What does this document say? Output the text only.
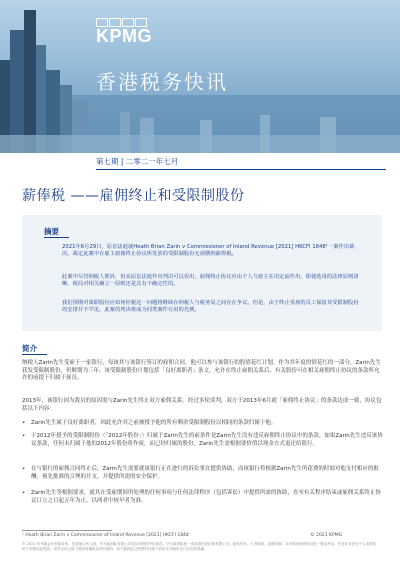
KPMG
香港税务快讯
第七期 | 二零二一年七月
薪俸税 ——雇佣终止和受限制股份
摘要
2021年6月29日，原讼法庭就Heath Brian Zarin v Commissioner of Inland Revenue [2021] HKCFI 1848¹一案作出裁决，裁定此案中在雇主雇佣终止协议所发放的受限制股份无须缴纳薪俸税。
此案中尽管纳税人胜诉，但从原讼法庭作出判决可以看出，雇佣终止协议应由个人与雇主在决定前作出，即使选用的法律原则清晰，税局对相关确立一原则还是具有不确定性的。
我们预期对离职股份应如何征税这一问题将继续在纳税人与税务局之间存在争议。但是，由于终止受雇的员工保留其受限制股份的安排并不罕见，此案的判决将成为同类案件有用的先例。
简介
纳税人Zarin先生受雇于一家银行，每该其与该银行签订的雇佣合同，他可以参与该银行的股情花红计划。作为其年度的情花红的一部分，Zarin先生获发受限制股份，但解期为三年。该受限制股份计划包括「良好离职者」条文，允许在终止雇佣关系后，有关股份可在相关雇佣终止协议的条款所允许的前提下归属于雇员。
2013年，该银行因为裁员的原因需与Zarin先生终止双方雇佣关系。经过多轮谈判，双方于2013年6月就「雇佣终止协议」的条款达成一致，协议包括以下内容：
•	Zarin先生属于良好离职者，因此允许其之前被授予他的所有剩余受限制股份以相同的条款归属于他。
•	于2012年授予的受限制股份（「2012年股份」）归属于Zarin先生的前条件是Zarin先生没有违反雇佣终止协议中的条款。如果Zarin先生违反该协议条款，任何未归属于他的2012年股份将作废，而已经归属的股份，Zarin先生需根据要价值以现金方式退还给银行。
•	在与银行的雇佣合同终止后，Zarin先生需要就该银行正在进行的诉讼事宜提供协助，而该银行将根据Zarin先生所花费的时间对他支付相应的报酬。预先批准的合理的开支，并提供所需的安全保护。
•	Zarin先生等根据要求，就其在受雇期间所处理的任何事项与任何法律程序（包括诉讼）中提供所需的协助，直至有关程序结束或雇佣关系终止协议订立之日起五年为止，以两者中较早者为准。
¹ Heath Brian Zarin v Commissioner of Inland Revenue [2021] HKCFI 1848	© 2021 KPMG
© 2021 毕马威会计师事务所，是香港合伙人制，毕马威国际有限公司成员所网络中的成员。毕马威国际是一家英国私营担保有限公司。版权所有，不得转载。香港印刷。本刊物所载资料仅供一般参考用，并非针对任何个人或团体的个别情况而提供。虽然本所已致力提供准确和及时的资料，但不能保证这些资料在阁下收取本刊物时或日后仍然准确。
